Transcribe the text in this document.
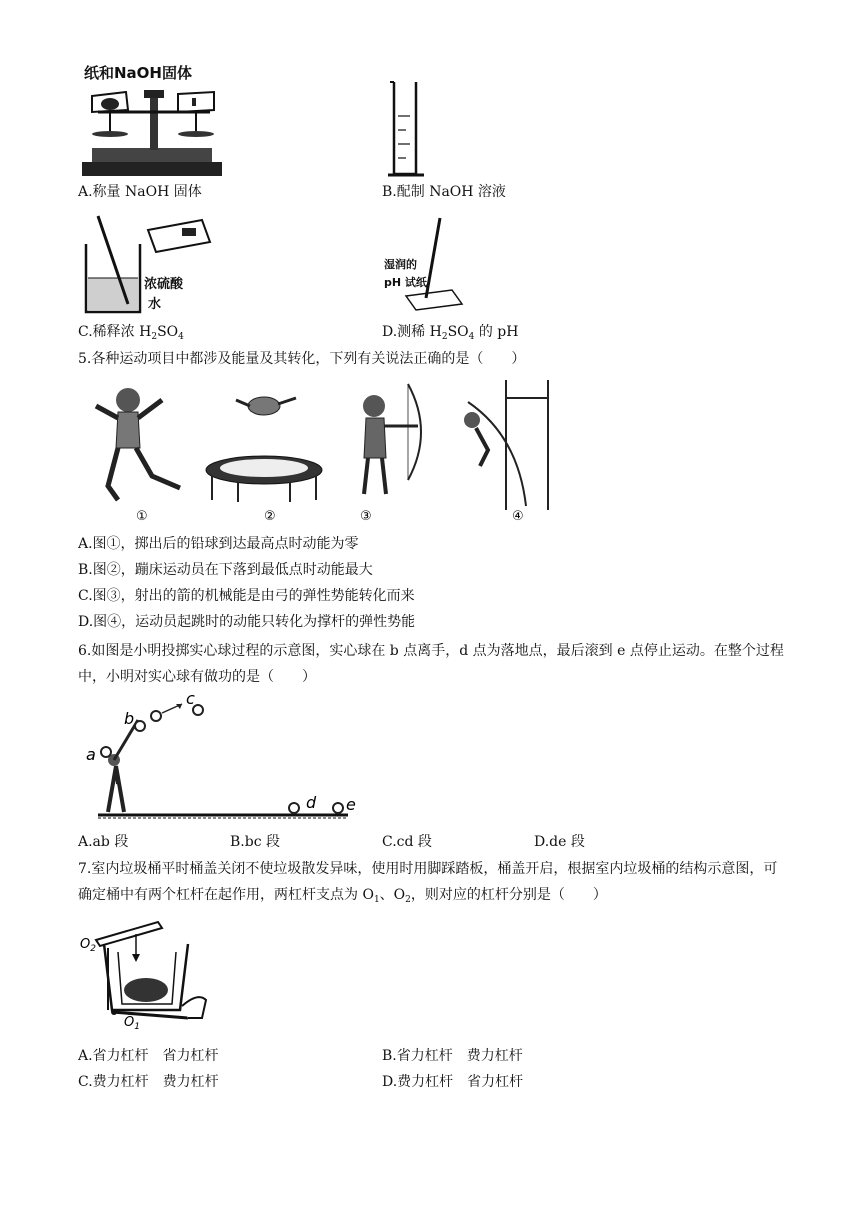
纸和NaOH固体
A.称量 NaOH 固体	B.配制 NaOH 溶液
浓硫酸
水
C.稀释浓 $H_2SO_4$
湿润的
pH 试纸
D.测稀 $H_2SO_4$ 的 pH
5.各种运动项目中都涉及能量及其转化，下列有关说法正确的是（　　）
①	②	③	④
A.图①，掷出后的铅球到达最高点时动能为零
B.图②，蹦床运动员在下落到最低点时动能最大
C.图③，射出的箭的机械能是由弓的弹性势能转化而来
D.图④，运动员起跳时的动能只转化为撑杆的弹性势能
6.如图是小明投掷实心球过程的示意图，实心球在 b 点离手，d 点为落地点，最后滚到 e 点停止运动。在整个过程中，小明对实心球有做功的是（　　）
a
b
c
d e
A.ab 段	B.bc 段	C.cd 段	D.de 段
7.室内垃圾桶平时桶盖关闭不使垃圾散发异味，使用时用脚踩踏板，桶盖开启，根据室内垃圾桶的结构示意图，可确定桶中有两个杠杆在起作用，两杠杆支点为 $O_1$、$O_2$，则对应的杠杆分别是（　　）
$O_2$
$O_1$
A.省力杠杆　省力杠杆	B.省力杠杆　费力杠杆
C.费力杠杆　费力杠杆	D.费力杠杆　省力杠杆
